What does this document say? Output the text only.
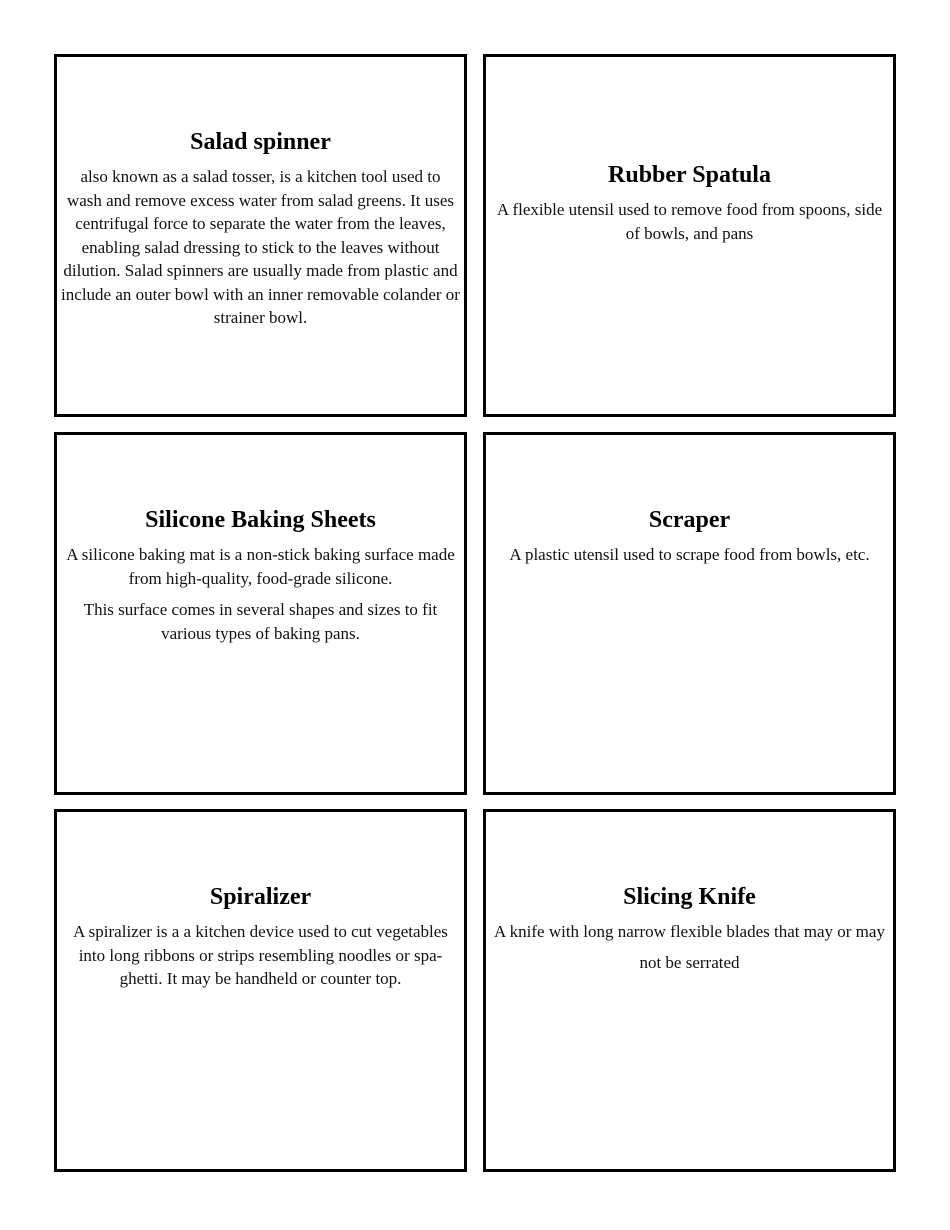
Salad spinner

also known as a salad tosser, is a kitchen tool used to wash and remove excess water from salad greens. It uses centrifugal force to separate the water from the leaves, enabling salad dressing to stick to the leaves without dilution. Salad spinners are usually made from plastic and include an outer bowl with an inner removable colander or strainer bowl.

Rubber Spatula

A flexible utensil used to remove food from spoons, side of bowls, and pans

Silicone Baking Sheets

A silicone baking mat is a non-stick baking surface made from high-quality, food-grade silicone.

This surface comes in several shapes and sizes to fit various types of baking pans.

Scraper

A plastic utensil used to scrape food from bowls, etc.

Spiralizer

A spiralizer is a a kitchen device used to cut vegetables into long ribbons or strips resembling noodles or spa-ghetti. It may be handheld or counter top.

Slicing Knife

A knife with long narrow flexible blades that may or may not be serrated
